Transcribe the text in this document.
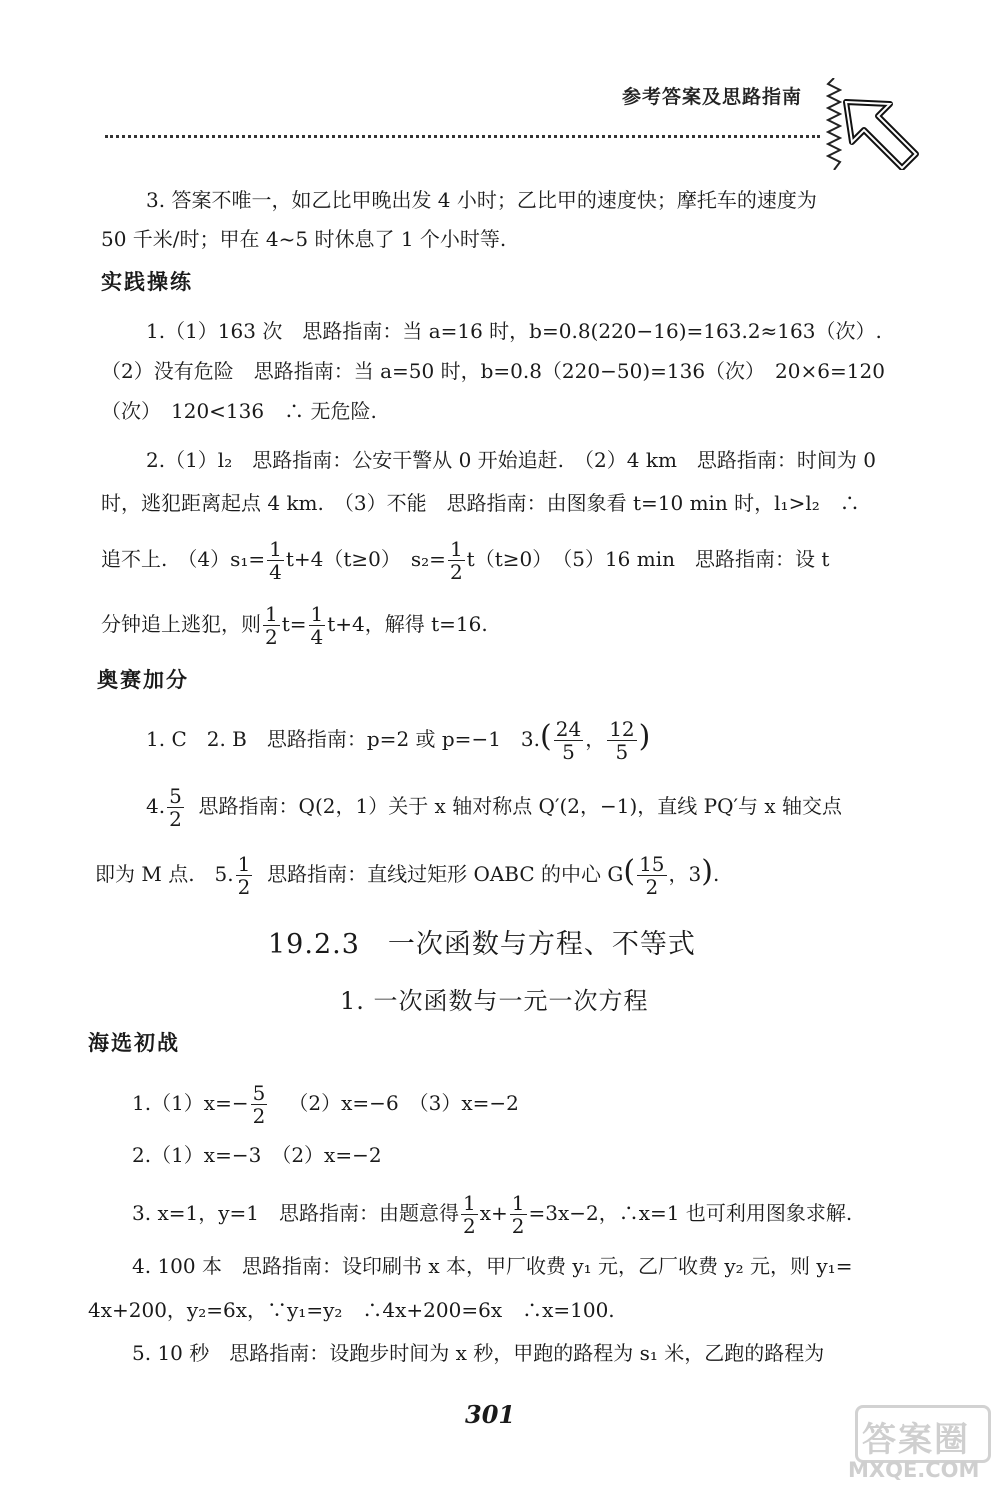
参考答案及思路指南
3. 答案不唯一，如乙比甲晚出发 4 小时；乙比甲的速度快；摩托车的速度为
50 千米/时；甲在 4~5 时休息了 1 个小时等.
实践操练
1.（1）163 次　思路指南：当 a=16 时，b=0.8(220−16)=163.2≈163（次）.
（2）没有危险　思路指南：当 a=50 时，b=0.8（220−50)=136（次）　20×6=120
（次）　120<136　∴ 无危险.
2.（1）l₂　思路指南：公安干警从 0 开始追赶.　（2）4 km　思路指南：时间为 0
时，逃犯距离起点 4 km.　（3）不能　思路指南：由图象看 t=10 min 时，l₁>l₂　∴
追不上.　$(4)s_1= \frac{1}{4} t+4(t\ge 0)$　$s_2= \frac{1}{2} t(t\ge 0)$　（5）16 min　思路指南：设 t
分钟追上逃犯，则 $\frac{1}{2} t= \frac{1}{4} t+4$，解得 t=16.
奥赛加分
1. C　2. B　思路指南：p=2 或 p=−1　$3.( \frac{24}{5}$ ， $\frac{12}{5}$ )
4. $\frac{5}{2}$ 思路指南：Q(2，1）关于 x 轴对称点 Q′(2，−1)，直线 PQ′与 x 轴交点
即为 M 点.　5. $\frac{1}{2}$ 思路指南：直线过矩形 OABC 的中心 $G( \frac{15}{2}$ ，3).
19.2.3　一次函数与方程、不等式
1. 一次函数与一元一次方程
海选初战
$1.(1)x=- \frac{5}{2} (2)x=-6$　（3）x=−2
2.（1）x=−3　（2）x=−2
3. x=1，y=1　思路指南：由题意得 $\frac{1}{2} x+ \frac{1}{2} =3x-2$，∴x=1 也可利用图象求解.
4. 100 本　思路指南：设印刷书 x 本，甲厂收费 y₁ 元，乙厂收费 y₂ 元，则 y₁=
4x+200，y₂=6x，∵y₁=y₂　∴4x+200=6x　∴x=100.
5. 10 秒　思路指南：设跑步时间为 x 秒，甲跑的路程为 s₁ 米，乙跑的路程为
301
答案圈
MXQE.COM
